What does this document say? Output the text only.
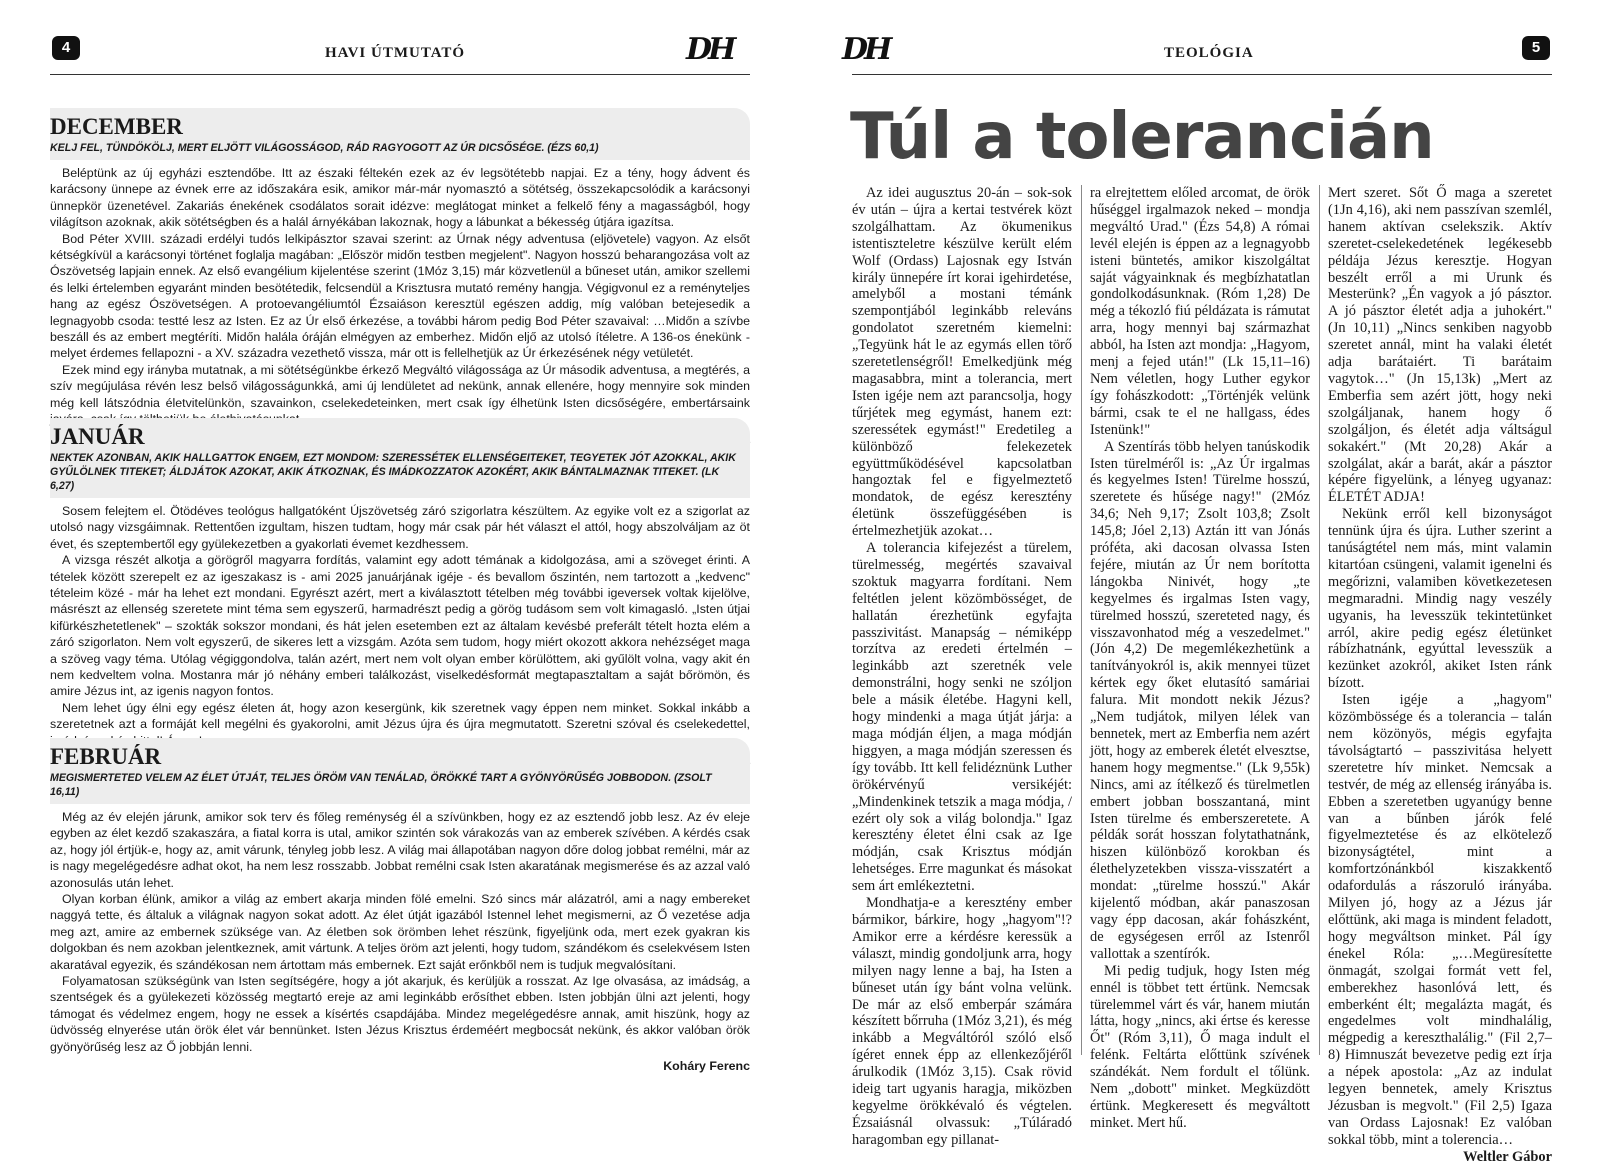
4	HAVI ÚTMUTATÓ	DH
DECEMBER
KELJ FEL, TÜNDÖKÖLJ, MERT ELJÖTT VILÁGOSSÁGOD, RÁD RAGYOGOTT AZ ÚR DICSŐSÉGE. (ÉZS 60,1)

Beléptünk az új egyházi esztendőbe. Itt az északi féltekén ezek az év legsötétebb napjai. Ez a tény, hogy ádvent és karácsony ünnepe az évnek erre az időszakára esik, amikor már-már nyomasztó a sötétség, összekapcsolódik a karácsonyi ünnepkör üzenetével. Zakariás énekének csodálatos sorait idézve: meglátogat minket a felkelő fény a magasságból, hogy világítson azoknak, akik sötétségben és a halál árnyékában lakoznak, hogy a lábunkat a békesség útjára igazítsa.

Bod Péter XVIII. századi erdélyi tudós lelkipásztor szavai szerint: az Úrnak négy adventusa (eljövetele) vagyon. Az elsőt kétségkívül a karácsonyi történet foglalja magában: „Először midőn testben megjelent". Nagyon hosszú beharangozása volt az Ószövetség lapjain ennek. Az első evangélium kijelentése szerint (1Móz 3,15) már közvetlenül a bűneset után, amikor szellemi és lelki értelemben egyaránt minden besötétedik, felcsendül a Krisztusra mutató remény hangja. Végigvonul ez a reményteljes hang az egész Ószövetségen. A protoevangéliumtól Ézsaiáson keresztül egészen addig, míg valóban betejesedik a legnagyobb csoda: testté lesz az Isten. Ez az Úr első érkezése, a további három pedig Bod Péter szavaival: …Midőn a szívbe beszáll és az embert megtéríti. Midőn halála óráján elmégyen az emberhez. Midőn eljő az utolsó ítéletre. A 136-os énekünk - melyet érdemes fellapozni - a XV. századra vezethető vissza, már ott is fellelhetjük az Úr érkezésének négy vetületét.

Ezek mind egy irányba mutatnak, a mi sötétségünkbe érkező Megváltó világossága az Úr második adventusa, a megtérés, a szív megújulása révén lesz belső világosságunkká, ami új lendületet ad nekünk, annak ellenére, hogy mennyire sok minden még kell látszódnia életvitelünkön, szavainkon, cselekedeteinken, mert csak így élhetünk Isten dicsőségére, embertársaink

JANUÁR
NEKTEK AZONBAN, AKIK HALLGATTOK ENGEM, EZT MONDOM: SZERESSÉTEK ELLENSÉGEITEKET, TEGYETEK JÓT AZOKKAL, AKIK GYŰLÖLNEK TITEKET; ÁLDJÁTOK AZOKAT, AKIK ÁTKOZNAK, ÉS IMÁDKOZZATOK AZOKÉRT, AKIK BÁNTALMAZNAK TITEKET. (LK 6,27)

Sosem felejtem el. Ötödéves teológus hallgatóként Újszövetség záró szigorlatra készültem. Az egyike volt ez a szigorlat az utolsó nagy vizsgáimnak. Rettentően izgultam, hiszen tudtam, hogy már csak pár hét választ el attól, hogy abszolváljam az öt évet, és szeptembertől egy gyülekezetben a gyakorlati évemet kezdhessem.

A vizsga részét alkotja a görögről magyarra fordítás, valamint egy adott témának a kidolgozása, ami a szöveget érinti. A tételek között szerepelt ez az igeszakasz is - ami 2025 januárjának igéje - és bevallom őszintén, nem tartozott a „kedvenc" tételeim közé - már ha lehet ezt mondani. Egyrészt azért, mert a kiválasztott tételben még további igeversek voltak kijelölve, másrészt az ellenség szeretete mint téma sem egyszerű, harmadrészt pedig a görög tudásom sem volt kimagasló. „Isten útjai kifürkészhetetlenek" – szokták sokszor mondani, és hát jelen esetemben ezt az általam kevésbé preferált tételt hozta elém a záró szigorlaton. Nem volt egyszerű, de sikeres lett a vizsgám. Azóta sem tudom, hogy miért okozott akkora nehézséget maga a szöveg vagy téma. Utólag végiggondolva, talán azért, mert nem volt olyan ember körülöttem, aki gyűlölt volna, vagy akit én nem kedveltem volna. Mostanra már jó néhány emberi találkozást, viselkedésformát megtapasztaltam a saját bőrömön, és amire Jézus int, az igenis nagyon fontos.

Nem lehet úgy élni egy egész életen át, hogy azon kesergünk, kik szeretnek vagy éppen nem minket. Sokkal inkább a szeretetnek azt a formáját kell megélni és gyakorolni, amit Jézus újra és újra megmutatott. Szeretni szóval és cselekedettel,

FEBRUÁR
MEGISMERTETED VELEM AZ ÉLET ÚTJÁT, TELJES ÖRÖM VAN TENÁLAD, ÖRÖKKÉ TART A GYÖNYÖRŰSÉG JOBBODON. (ZSOLT 16,11)

Még az év elején járunk, amikor sok terv és főleg reménység él a szívünkben, hogy ez az esztendő jobb lesz. Az év eleje egyben az élet kezdő szakaszára, a fiatal korra is utal, amikor szintén sok várakozás van az emberek szívében. A kérdés csak az, hogy jól értjük-e, hogy az, amit várunk, tényleg jobb lesz. A világ mai állapotában nagyon dőre dolog jobbat remélni, már az is nagy megelégedésre adhat okot, ha nem lesz rosszabb. Jobbat remélni csak Isten akaratának megismerése és az azzal való azonosulás után lehet.

Olyan korban élünk, amikor a világ az embert akarja minden fölé emelni. Szó sincs már alázatról, ami a nagy embereket naggyá tette, és általuk a világnak nagyon sokat adott. Az élet útját igazából Istennel lehet megismerni, az Ő vezetése adja meg azt, amire az embernek szüksége van. Az életben sok örömben lehet részünk, figyeljünk oda, mert ezek gyakran kis dolgokban és nem azokban jelentkeznek, amit vártunk. A teljes öröm azt jelenti, hogy tudom, szándékom és cselekvésem Isten akaratával egyezik, és szándékosan nem ártottam más embernek. Ezt saját erőnkből nem is tudjuk megvalósítani.

Folyamatosan szükségünk van Isten segítségére, hogy a jót akarjuk, és kerüljük a rosszat. Az Ige olvasása, az imádság, a szentségek és a gyülekezeti közösség megtartó ereje az ami leginkább erősíthet ebben. Isten jobbján ülni azt jelenti, hogy támogat és védelmez engem, hogy ne essek a kísértés csapdájába. Mindez megelégedésre annak, amit hiszünk, hogy az üdvösség elnyerése után örök élet vár bennünket. Isten Jézus Krisztus érdeméért megbocsát nekünk, és akkor valóban örök gyönyörűség lesz az Ő jobbján lenni.

Koháry Ferenc
DH	TEOLÓGIA	5
Túl a tolerancián

Az idei augusztus 20-án – sok-sok év után – újra a kertai testvérek közt szolgálhattam. Az ökumenikus istentiszteletre készülve került elém Wolf (Ordass) Lajosnak egy István király ünnepére írt korai igehirdetése, amelyből a mostani témánk szempontjából leginkább releváns gondolatot szeretném kiemelni: „Tegyünk hát le az egymás ellen törő szeretetlenségről! Emelkedjünk még magasabbra, mint a tolerancia, mert Isten igéje nem azt parancsolja, hogy tűrjétek meg egymást, hanem ezt: szeressétek egymást!" Eredetileg a különböző felekezetek együttműködésével kapcsolatban hangoztak fel e figyelmeztető mondatok, de egész keresztény életünk összefüggésében is értelmezhetjük azokat…

A tolerancia kifejezést a türelem, türelmesség, megértés szavaival szoktuk magyarra fordítani. Nem feltétlen jelent közömbösséget, de hallatán érezhetünk egyfajta passzivitást. Manapság – némiképp torzítva az eredeti értelmén – leginkább azt szeretnék vele demonstrálni, hogy senki ne szóljon bele a másik életébe. Hagyni kell, hogy mindenki a maga útját járja: a maga módján éljen, a maga módján higgyen, a maga módján szeressen és így tovább. Itt kell felidéznünk Luther örökérvényű versikéjét: „Mindenkinek tetszik a maga módja, / ezért oly sok a világ bolondja." Igaz keresztény életet élni csak az Ige módján, csak Krisztus módján lehetséges. Erre magunkat és másokat sem árt emlékeztetni.

Mondhatja-e a keresztény ember bármikor, bárkire, hogy „hagyom"!? Amikor erre a kérdésre keressük a választ, mindig gondoljunk arra, hogy milyen nagy lenne a baj, ha Isten a bűneset után így bánt volna velünk. De már az első emberpár számára készített bőrruha (1Móz 3,21), és még inkább a Megváltóról szóló első ígéret ennek épp az ellenkezőjéről árulkodik (1Móz 3,15). Csak rövid ideig tart ugyanis haragja, miközben kegyelme örökkévaló és végtelen. Ézsaiásnál olvassuk: „Túláradó haragomban egy pillanat-

ra elrejtettem előled arcomat, de örök hűséggel irgalmazok neked – mondja megváltó Urad." (Ézs 54,8) A római levél elején is éppen az a legnagyobb isteni büntetés, amikor kiszolgáltat saját vágyainknak és megbízhatatlan gondolkodásunknak. (Róm 1,28) De még a tékozló fiú példázata is rámutat arra, hogy mennyi baj származhat abból, ha Isten azt mondja: „Hagyom, menj a fejed után!" (Lk 15,11–16) Nem véletlen, hogy Luther egykor így fohászkodott: „Történjék velünk bármi, csak te el ne hallgass, édes Istenünk!"

A Szentírás több helyen tanúskodik Isten türelméről is: „Az Úr irgalmas és kegyelmes Isten! Türelme hosszú, szeretete és hűsége nagy!" (2Móz 34,6; Neh 9,17; Zsolt 103,8; Zsolt 145,8; Jóel 2,13) Aztán itt van Jónás próféta, aki dacosan olvassa Isten fejére, miután az Úr nem borította lángokba Ninivét, hogy „te kegyelmes és irgalmas Isten vagy, türelmed hosszú, szereteted nagy, és visszavonhatod még a veszedelmet." (Jón 4,2) De megemlékezhetünk a tanítványokról is, akik mennyei tüzet kértek egy őket elutasító samáriai falura. Mit mondott nekik Jézus? „Nem tudjátok, milyen lélek van bennetek, mert az Emberfia nem azért jött, hogy az emberek életét elvesztse, hanem hogy megmentse." (Lk 9,55k) Nincs, ami az ítélkező és türelmetlen embert jobban bosszantaná, mint Isten türelme és emberszeretete. A példák sorát hosszan folytathatnánk, hiszen különböző korokban és élethelyzetekben vissza-visszatért a mondat: „türelme hosszú." Akár kijelentő módban, akár panaszosan vagy épp dacosan, akár fohászként, de egységesen erről az Istenről vallottak a szentírók.

Mi pedig tudjuk, hogy Isten még ennél is többet tett értünk. Nemcsak türelemmel várt és vár, hanem miután látta, hogy „nincs, aki értse és keresse Őt" (Róm 3,11), Ő maga indult el felénk. Feltárta előttünk szívének szándékát. Nem fordult el tőlünk. Nem „dobott" minket. Megküzdött értünk. Megkeresett és megváltott minket. Mert hű.

Mert szeret. Sőt Ő maga a szeretet (1Jn 4,16), aki nem passzívan szemlél, hanem aktívan cselekszik. Aktív szeretet-cselekedetének legékesebb példája Jézus keresztje. Hogyan beszélt erről a mi Urunk és Mesterünk? „Én vagyok a jó pásztor. A jó pásztor életét adja a juhokért." (Jn 10,11) „Nincs senkiben nagyobb szeretet annál, mint ha valaki életét adja barátaiért. Ti barátaim vagytok…" (Jn 15,13k) „Mert az Emberfia sem azért jött, hogy neki szolgáljanak, hanem hogy ő szolgáljon, és életét adja váltságul sokakért." (Mt 20,28) Akár a szolgálat, akár a barát, akár a pásztor képére figyelünk, a lényeg ugyanaz: ÉLETÉT ADJA!

Nekünk erről kell bizonyságot tennünk újra és újra. Luther szerint a tanúságtétel nem más, mint valamin kitartóan csüngeni, valamit igenelni és megőrizni, valamiben következetesen megmaradni. Mindig nagy veszély ugyanis, ha levesszük tekintetünket arról, akire pedig egész életünket rábízhatnánk, egyúttal levesszük a kezünket azokról, akiket Isten ránk bízott.

Isten igéje a „hagyom" közömbössége és a tolerancia – talán nem közönyös, mégis egyfajta távolságtartó – passzivitása helyett szeretetre hív minket. Nemcsak a testvér, de még az ellenség irányába is. Ebben a szeretetben ugyanúgy benne van a bűnben járók felé figyelmeztetése és az elkötelező bizonyságtétel, mint a komfortzónánkból kiszakkentő odafordulás a rászoruló irányába. Milyen jó, hogy az a Jézus jár előttünk, aki maga is mindent feladott, hogy megváltson minket. Pál így énekel Róla: „…Megüresítette önmagát, szolgai formát vett fel, emberekhez hasonlóvá lett, és emberként élt; megalázta magát, és engedelmes volt mindhalálig, mégpedig a kereszthalálig." (Fil 2,7–8) Himnuszát bevezetve pedig ezt írja a népek apostola: „Az az indulat legyen bennetek, amely Krisztus Jézusban is megvolt." (Fil 2,5) Igaza van Ordass Lajosnak! Ez valóban sokkal több, mint a tolerencia…

Weltler Gábor
